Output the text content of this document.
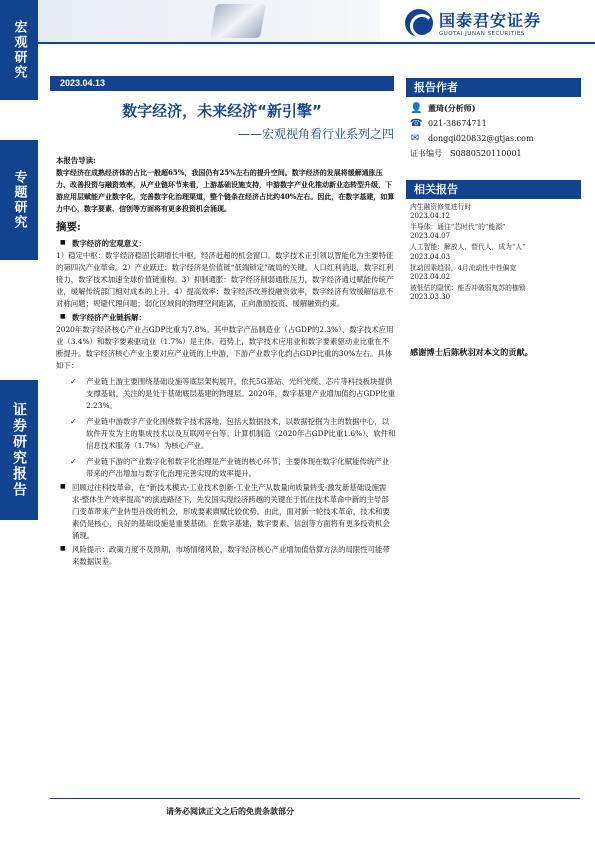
宏观研究
专题研究
证券研究报告
国泰君安证券
GUOTAI JUNAN SECURITIES
2023.04.13
数字经济，未来经济“新引擎”
——宏观视角看行业系列之四
本报告导读:
数字经济在成熟经济体的占比一般超65%，我国仍有25%左右的提升空间。数字经济的发展将缓解通胀压力、改善投资与融资效率，从产业链环节来看，上游基础设施支持，中游数字产业化推动新业态转型升级，下游应用层赋能产业数字化，完善数字化治理渠道，整个链条在经济占比约40%左右。因此，在数字基建，如算力中心，数字要素、信创等方面将有更多投资机会涌现。
摘要:
■ 数字经济的宏观意义：
1）稳定中枢：数字经济稳固长期增长中枢，经济赶超的机会窗口。数字技术正引领以智能化为主要特征的第四次产业革命。2）产业跃迁：数字经济是价值链“低端锁定”破局的关键。人口红利消退，数字红利接力，数字技术加速全球价值链重构。3）抑制通胀：数字经济削弱通胀压力，数字经济通过赋能传统产业，缓解传统部门相对成本的上升。4）提高效率：数字经济改善投融资效率，数字经济有效缓解信息不对称问题；规避代理问题；弱化区域间的物理空间距离，正向激励投资、缓解融资约束。
■ 数字经济产业链拆解：
2020年数字经济核心产业占GDP比重为7.8%。其中数字产品制造业（占GDP的2.3%）、数字技术应用业（3.4%）和数字要素驱动业（1.7%）是主体。趋势上，数字技术应用业和数字要素驱动业比重在不断提升。数字经济核心产业主要对应产业链的上中游，下游产业数字化约占GDP比重的30%左右。具体如下：
✓ 产业链上游主要围绕基础设施等底层架构展开，依托5G基站、光纤光缆、芯片等科技板块提供支撑基础，关注的是处于基础底层基建的物理层。2020年，数字基建产业增加值约占GDP比重2.23%。
✓ 产业链中游数字产业化围绕数字技术落地，包括大数据技术，以数据挖掘为主的数据中心，以软件开发为主的集成技术以及互联网平台等。计算机制造（2020年占GDP比重1.6%）、软件和信息技术服务（1.7%）为核心产业。
✓ 产业链下游的产业数字化和数字化治理是产业链的核心环节，主要体现在数字化赋能传统产业带来的产出增加与数字化治理完善实现的效率提升。
■ 回顾过往科技革命，在“新技术模式-工业技术创新-工业生产从数量向质量转变-激发新基础设施需求-整体生产效率提高”的演进路径下，先发国实现经济跨越的关键在于抓住技术革命中新的主导部门变革带来产业转型升级的机会，形成要素禀赋比较优势。由此，面对新一轮技术革命，技术和要素仍是核心，良好的基础设施是重要基础。在数字基建，数字要素、信创等方面将有更多投资机会涌现。
■ 风险提示：政策力度不及预期，市场情绪风险，数字经济核心产业增加值估算方法的局限性可能带来数据误差。
报告作者
👤 董琦(分析师)
☎ 021-38674711
✉ dongqi020832@gtjas.com
证书编号 S0880520110001
相关报告
内生融资修复进行时
2023.04.12
半导体：通往“芯时代”的“能源”
2023.04.07
人工智能：解放人，替代人，成为“人”
2023.04.03
扰动因素趋弱，4月流动性中性偏宽
2023.04.02
被低估的隐忧：能否冲破弱复苏的枷锁
2023.03.30
感谢博士后陈秋羽对本文的贡献。
请务必阅读正文之后的免责条款部分
